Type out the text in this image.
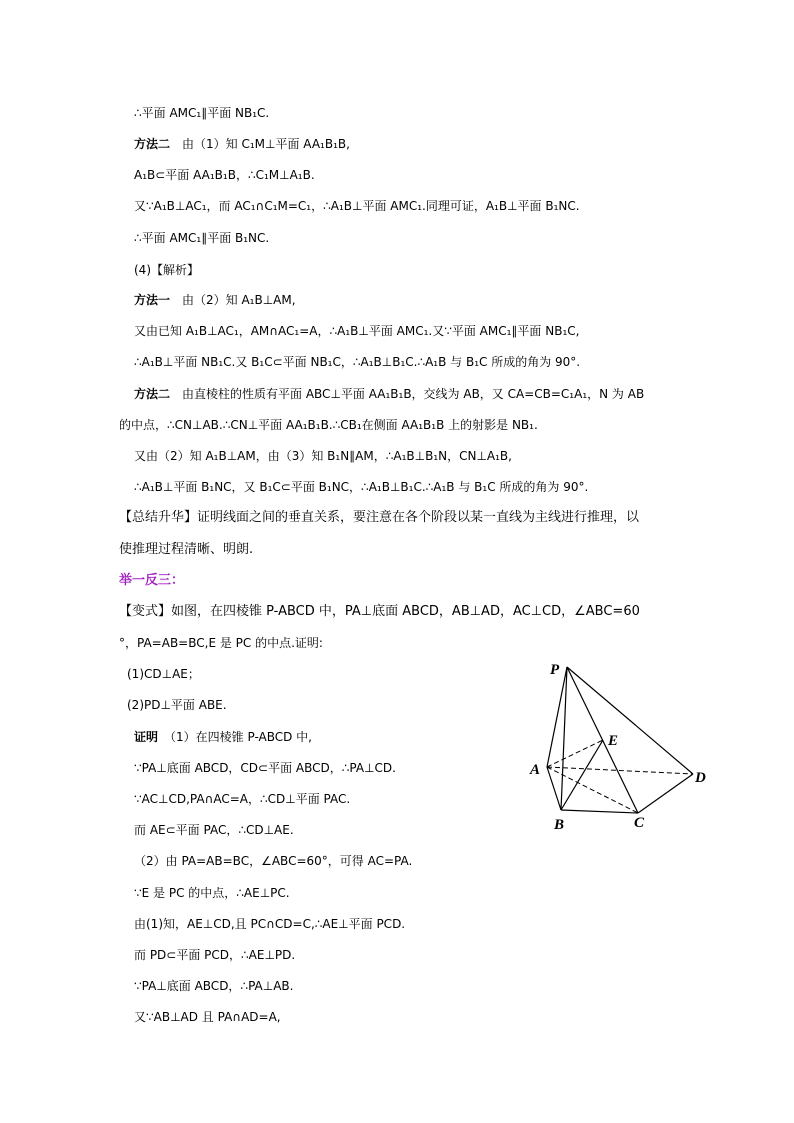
∴平面 AMC₁∥平面 NB₁C.
方法二　由（1）知 C₁M⊥平面 AA₁B₁B,
A₁B⊂平面 AA₁B₁B，∴C₁M⊥A₁B.
又∵A₁B⊥AC₁，而 AC₁∩C₁M=C₁，∴A₁B⊥平面 AMC₁.同理可证，A₁B⊥平面 B₁NC.
∴平面 AMC₁∥平面 B₁NC.
(4)【解析】
方法一　由（2）知 A₁B⊥AM,
又由已知 A₁B⊥AC₁，AM∩AC₁=A，∴A₁B⊥平面 AMC₁.又∵平面 AMC₁∥平面 NB₁C,
∴A₁B⊥平面 NB₁C.又 B₁C⊂平面 NB₁C，∴A₁B⊥B₁C.∴A₁B 与 B₁C 所成的角为 90°.
方法二　由直棱柱的性质有平面 ABC⊥平面 AA₁B₁B，交线为 AB，又 CA=CB=C₁A₁，N 为 AB
的中点，∴CN⊥AB.∴CN⊥平面 AA₁B₁B.∴CB₁在侧面 AA₁B₁B 上的射影是 NB₁.
又由（2）知 A₁B⊥AM，由（3）知 B₁N∥AM，∴A₁B⊥B₁N，CN⊥A₁B,
∴A₁B⊥平面 B₁NC，又 B₁C⊂平面 B₁NC，∴A₁B⊥B₁C.∴A₁B 与 B₁C 所成的角为 90°.
【总结升华】证明线面之间的垂直关系，要注意在各个阶段以某一直线为主线进行推理，以
使推理过程清晰、明朗.
举一反三：
【变式】如图，在四棱锥 P-ABCD 中，PA⊥底面 ABCD，AB⊥AD，AC⊥CD，∠ABC=60
°，PA=AB=BC,E 是 PC 的中点.证明:
(1)CD⊥AE；
(2)PD⊥平面 ABE.
证明　（1）在四棱锥 P-ABCD 中,
∵PA⊥底面 ABCD，CD⊂平面 ABCD，∴PA⊥CD.
∵AC⊥CD,PA∩AC=A，∴CD⊥平面 PAC.
而 AE⊂平面 PAC，∴CD⊥AE.
（2）由 PA=AB=BC，∠ABC=60°，可得 AC=PA.
∵E 是 PC 的中点，∴AE⊥PC.
由(1)知，AE⊥CD,且 PC∩CD=C,∴AE⊥平面 PCD.
而 PD⊂平面 PCD，∴AE⊥PD.
∵PA⊥底面 ABCD，∴PA⊥AB.
又∵AB⊥AD 且 PA∩AD=A,
P
E
A	D
B	C
